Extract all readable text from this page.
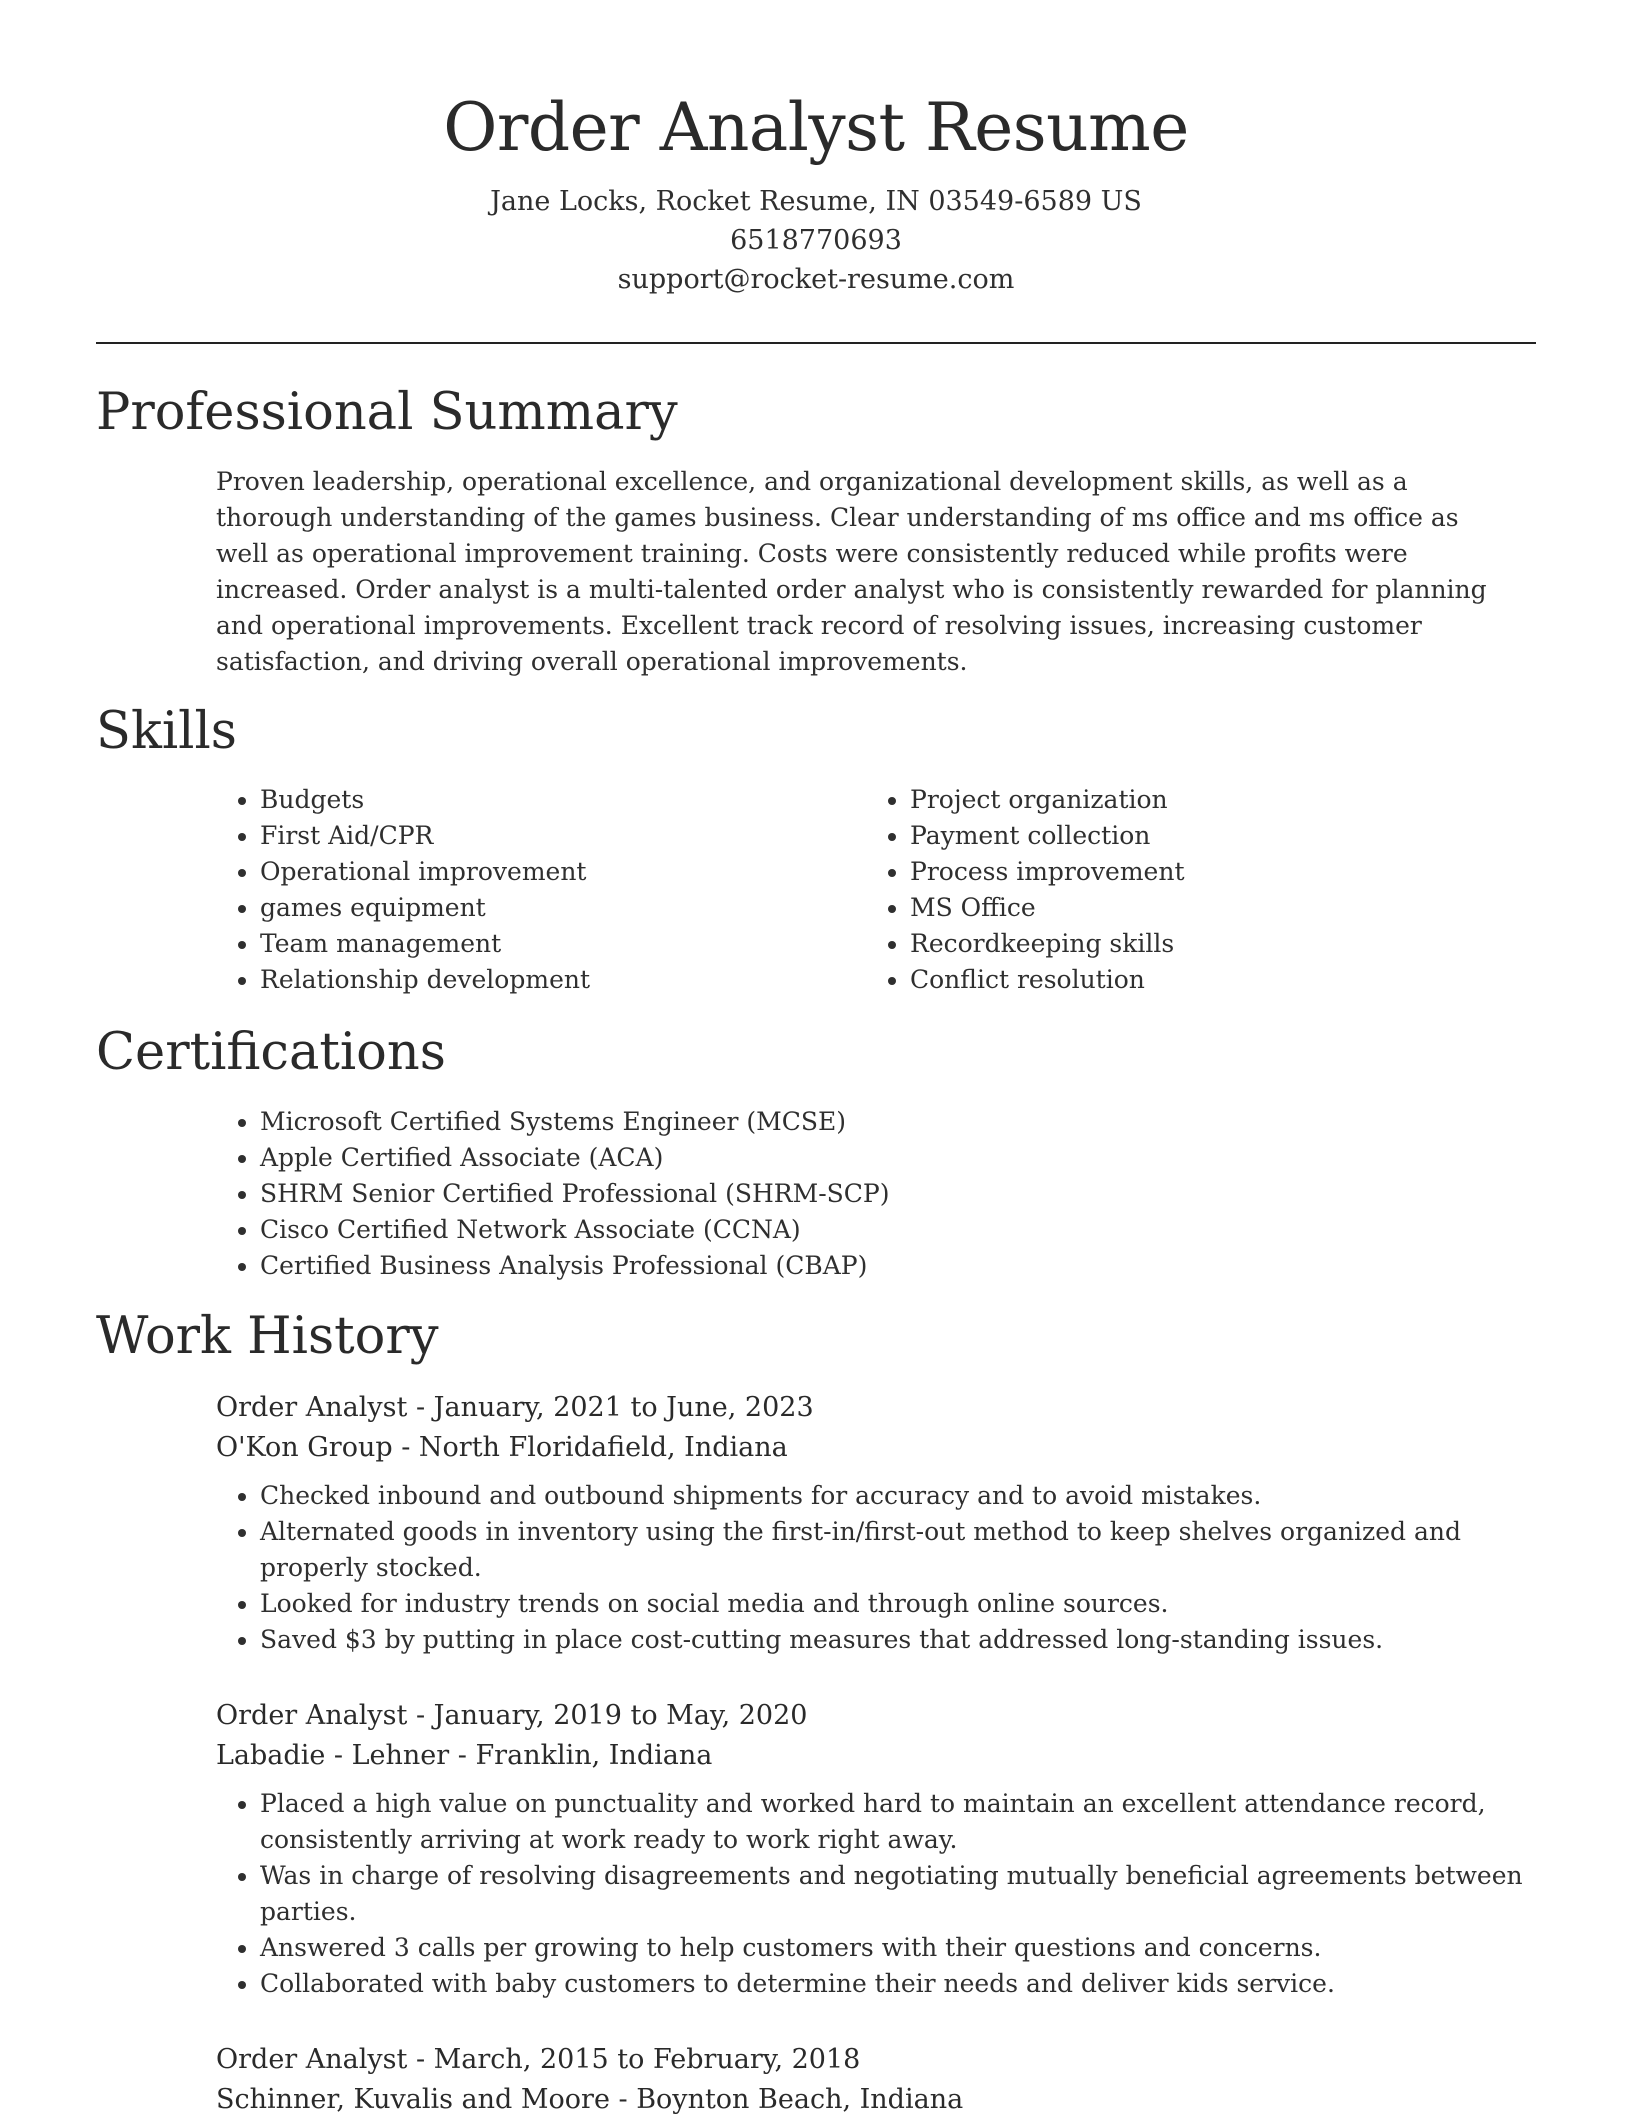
Order Analyst Resume

Jane Locks, Rocket Resume, IN 03549-6589 US

6518770693

support@rocket-resume.com

Professional Summary

Proven leadership, operational excellence, and organizational development skills, as well as a thorough understanding of the games business. Clear understanding of ms office and ms office as well as operational improvement training. Costs were consistently reduced while profits were increased. Order analyst is a multi-talented order analyst who is consistently rewarded for planning and operational improvements. Excellent track record of resolving issues, increasing customer satisfaction, and driving overall operational improvements.

Skills
• Budgets
• First Aid/CPR
• Operational improvement
• games equipment
• Team management
• Relationship development
• Project organization
• Payment collection
• Process improvement
• MS Office
• Recordkeeping skills
• Conflict resolution
Certifications
• Microsoft Certified Systems Engineer (MCSE)
• Apple Certified Associate (ACA)
• SHRM Senior Certified Professional (SHRM-SCP)
• Cisco Certified Network Associate (CCNA)
• Certified Business Analysis Professional (CBAP)
Work History

Order Analyst - January, 2021 to June, 2023

O'Kon Group - North Floridafield, Indiana

• Checked inbound and outbound shipments for accuracy and to avoid mistakes.
• Alternated goods in inventory using the first-in/first-out method to keep shelves organized and properly stocked.
• Looked for industry trends on social media and through online sources.
• Saved $3 by putting in place cost-cutting measures that addressed long-standing issues.

Order Analyst - January, 2019 to May, 2020

Labadie - Lehner - Franklin, Indiana

• Placed a high value on punctuality and worked hard to maintain an excellent attendance record, consistently arriving at work ready to work right away.
• Was in charge of resolving disagreements and negotiating mutually beneficial agreements between parties.
• Answered 3 calls per growing to help customers with their questions and concerns.
• Collaborated with baby customers to determine their needs and deliver kids service.

Order Analyst - March, 2015 to February, 2018

Schinner, Kuvalis and Moore - Boynton Beach, Indiana
